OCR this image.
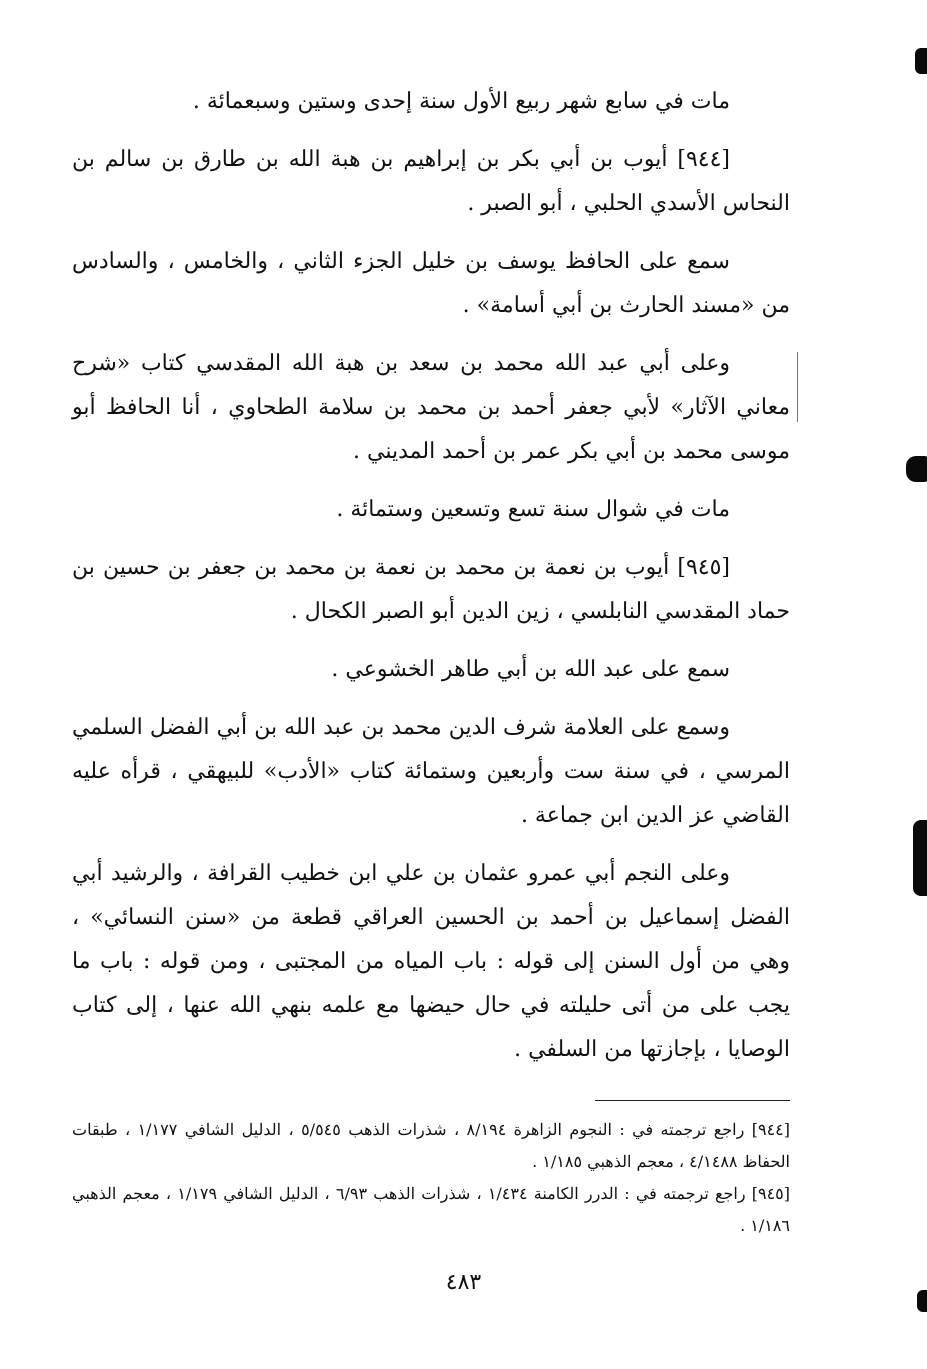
مات في سابع شهر ربيع الأول سنة إحدى وستين وسبعمائة .

[٩٤٤] أيوب بن أبي بكر بن إبراهيم بن هبة الله بن طارق بن سالم بن النحاس الأسدي الحلبي ، أبو الصبر .

سمع على الحافظ يوسف بن خليل الجزء الثاني ، والخامس ، والسادس من «مسند الحارث بن أبي أسامة» .

وعلى أبي عبد الله محمد بن سعد بن هبة الله المقدسي كتاب «شرح معاني الآثار» لأبي جعفر أحمد بن محمد بن سلامة الطحاوي ، أنا الحافظ أبو موسى محمد بن أبي بكر عمر بن أحمد المديني .

مات في شوال سنة تسع وتسعين وستمائة .

[٩٤٥] أيوب بن نعمة بن محمد بن نعمة بن محمد بن جعفر بن حسين بن حماد المقدسي النابلسي ، زين الدين أبو الصبر الكحال .

سمع على عبد الله بن أبي طاهر الخشوعي .

وسمع على العلامة شرف الدين محمد بن عبد الله بن أبي الفضل السلمي المرسي ، في سنة ست وأربعين وستمائة كتاب «الأدب» للبيهقي ، قرأه عليه القاضي عز الدين ابن جماعة .

وعلى النجم أبي عمرو عثمان بن علي ابن خطيب القرافة ، والرشيد أبي الفضل إسماعيل بن أحمد بن الحسين العراقي قطعة من «سنن النسائي» ، وهي من أول السنن إلى قوله : باب المياه من المجتبى ، ومن قوله : باب ما يجب على من أتى حليلته في حال حيضها مع علمه بنهي الله عنها ، إلى كتاب الوصايا ، بإجازتها من السلفي .

[٩٤٤] راجع ترجمته في : النجوم الزاهرة ٨/١٩٤ ، شذرات الذهب ٥/٥٤٥ ، الدليل الشافي ١/١٧٧ ، طبقات الحفاظ ٤/١٤٨٨ ، معجم الذهبي ١/١٨٥ .

[٩٤٥] راجع ترجمته في : الدرر الكامنة ١/٤٣٤ ، شذرات الذهب ٦/٩٣ ، الدليل الشافي ١/١٧٩ ، معجم الذهبي ١/١٨٦ .

٤٨٣
